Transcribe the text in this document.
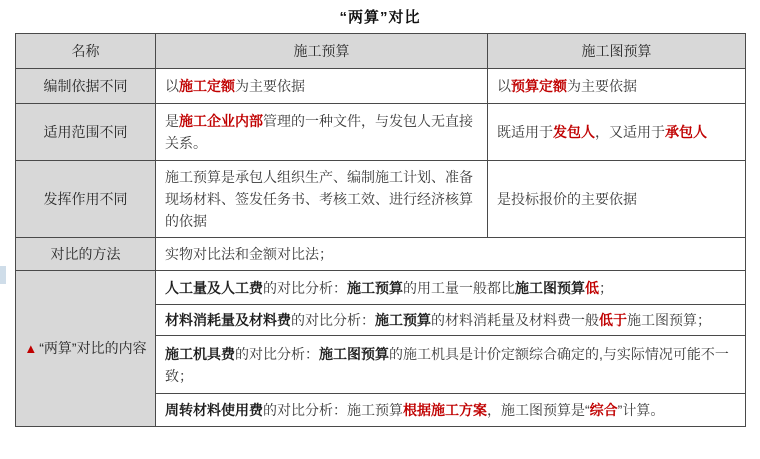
“两算”对比
名称	施工预算	施工图预算
编制依据不同	以施工定额为主要依据	以预算定额为主要依据
适用范围不同	是施工企业内部管理的一种文件，与发包人无直接关系。	既适用于发包人，又适用于承包人
发挥作用不同	施工预算是承包人组织生产、编制施工计划、准备现场材料、签发任务书、考核工效、进行经济核算的依据	是投标报价的主要依据
对比的方法	实物对比法和金额对比法；	
▲ “两算”对比的内容	人工量及人工费的对比分析：施工预算的用工量一般都比施工图预算低；	
	材料消耗量及材料费的对比分析：施工预算的材料消耗量及材料费一般低于施工图预算；	
	施工机具费的对比分析：施工图预算的施工机具是计价定额综合确定的,与实际情况可能不一致；	
	周转材料使用费的对比分析：施工预算根据施工方案，施工图预算是“综合”计算。	
